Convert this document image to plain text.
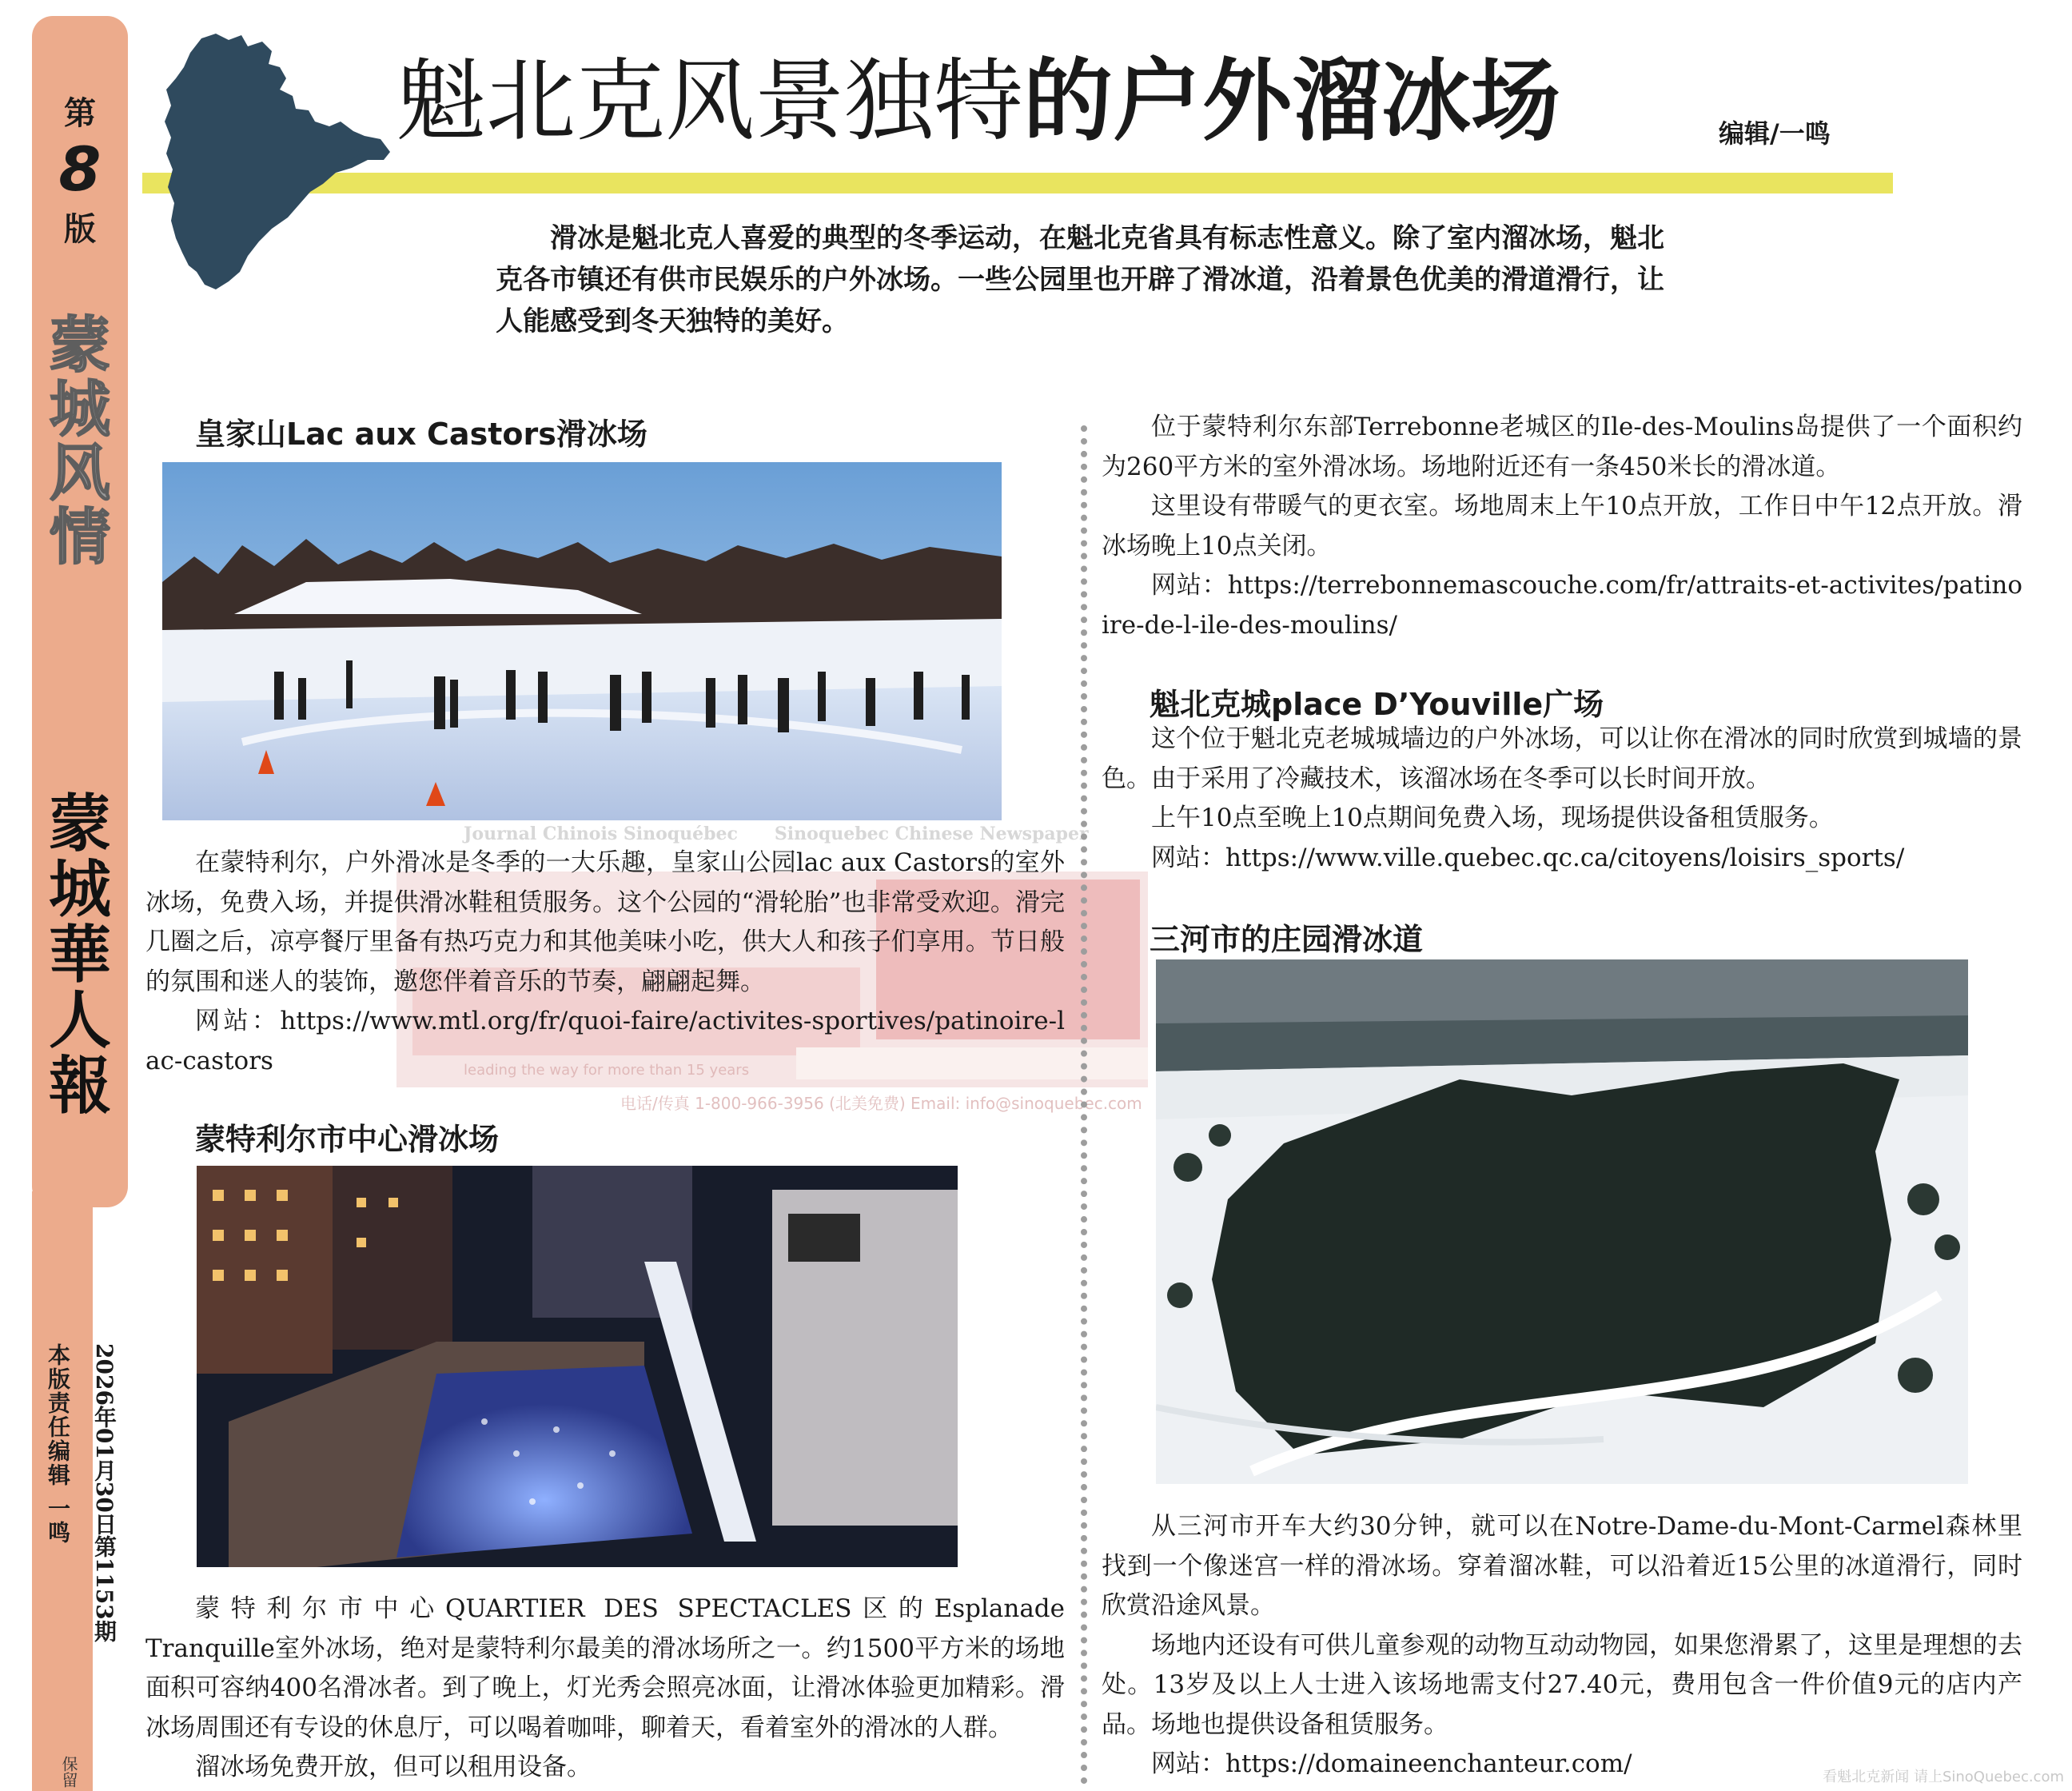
第
8
版
蒙
城
风
情
蒙
城
華
人
報
本版责任编辑 一鸣 2026年01月30日第1153期
保留
魁北克风景独特的户外溜冰场	编辑/一鸣

滑冰是魁北克人喜爱的典型的冬季运动，在魁北克省具有标志性意义。除了室内溜冰场，魁北克各市镇还有供市民娱乐的户外冰场。一些公园里也开辟了滑冰道，沿着景色优美的滑道滑行，让人能感受到冬天独特的美好。

Journal Chinois Sinoquébec Sinoquebec Chinese Newspaper
leading the way for more than 15 years
电话/传真 1-800-966-3956 (北美免费) Email: info@sinoquebec.com
皇家山Lac aux Castors滑冰场

在蒙特利尔，户外滑冰是冬季的一大乐趣，皇家山公园lac aux Castors的室外冰场，免费入场，并提供滑冰鞋租赁服务。这个公园的“滑轮胎”也非常受欢迎。滑完几圈之后，凉亭餐厅里备有热巧克力和其他美味小吃，供大人和孩子们享用。节日般的氛围和迷人的装饰，邀您伴着音乐的节奏，翩翩起舞。

网站：https://www.mtl.org/fr/quoi-faire/activites-sportives/patinoire-lac-castors

蒙特利尔市中心滑冰场

蒙特利尔市中心QUARTIER DES SPECTACLES区的Esplanade Tranquille室外冰场，绝对是蒙特利尔最美的滑冰场所之一。约1500平方米的场地面积可容纳400名滑冰者。到了晚上，灯光秀会照亮冰面，让滑冰体验更加精彩。滑冰场周围还有专设的休息厅，可以喝着咖啡，聊着天，看着室外的滑冰的人群。

溜冰场免费开放，但可以租用设备。

位于蒙特利尔东部Terrebonne老城区的Ile-des-Moulins岛提供了一个面积约为260平方米的室外滑冰场。场地附近还有一条450米长的滑冰道。

这里设有带暖气的更衣室。场地周末上午10点开放，工作日中午12点开放。滑冰场晚上10点关闭。

网站：https://terrebonnemascouche.com/fr/attraits-et-activites/patinoire-de-l-ile-des-moulins/

魁北克城place D’Youville广场

这个位于魁北克老城城墙边的户外冰场，可以让你在滑冰的同时欣赏到城墙的景色。由于采用了冷藏技术，该溜冰场在冬季可以长时间开放。

上午10点至晚上10点期间免费入场，现场提供设备租赁服务。

网站：https://www.ville.quebec.qc.ca/citoyens/loisirs_sports/

三河市的庄园滑冰道

从三河市开车大约30分钟，就可以在Notre-Dame-du-Mont-Carmel森林里找到一个像迷宫一样的滑冰场。穿着溜冰鞋，可以沿着近15公里的冰道滑行，同时欣赏沿途风景。

场地内还设有可供儿童参观的动物互动动物园，如果您滑累了，这里是理想的去处。13岁及以上人士进入该场地需支付27.40元，费用包含一件价值9元的店内产品。场地也提供设备租赁服务。

网站：https://domaineenchanteur.com/	看魁北克新闻 请上SinoQuebec.com
